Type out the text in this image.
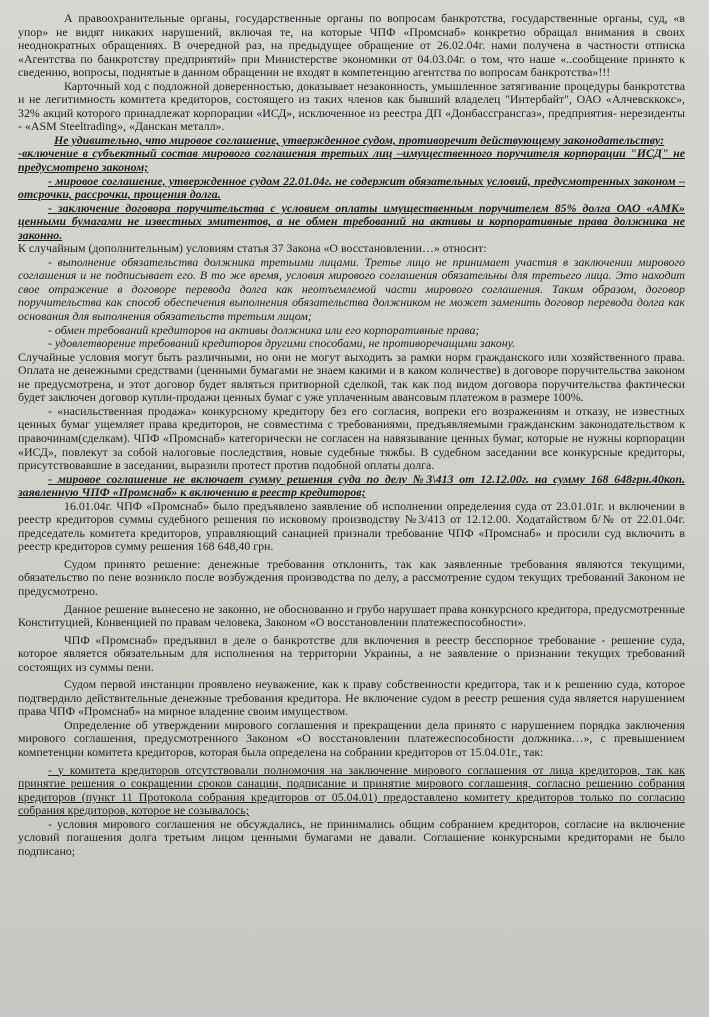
А правоохранительные органы, государственные органы по вопросам банкротства, государственные органы, суд, «в упор» не видят никаких нарушений, включая те, на которые ЧПФ «Промснаб» конкретно обращал внимания в своих неоднократных обращениях. В очередной раз, на предыдущее обращение от 26.02.04г. нами получена в частности отписка «Агентства по банкротству предприятий» при Министерстве экономики от 04.03.04г. о том, что наше «..сообщение принято к сведению, вопросы, поднятые в данном обращении не входят в компетенцию агентства по вопросам банкротства»!!!

Карточный ход с подложной доверенностью, доказывает незаконность, умышленное затягивание процедуры банкротства и не легитимность комитета кредиторов, состоящего из таких членов как бывший владелец "Интербайт", ОАО «Алчевсккокс», 32% акций которого принадлежат корпорации «ИСД», исключенное из реестра ДП «Донбассгрансгаз», предприятия- нерезиденты - «ASM Steeltrading», «Данскан металл».

Не удивительно, что мировое соглашение, утвержденное судом, противоречит действующему законодательству:

-включение в субъектный состав мирового соглашения третьих лиц –имущественного поручителя корпорации "ИСД" не предусмотрено законом;

- мировое соглашение, утвержденное судом 22.01.04г. не содержит обязательных условий, предусмотренных законом – отсрочки, рассрочки, прощения долга.

- заключение договора поручительства с условием оплаты имущественным поручителем 85% долга ОАО «АМК» ценными бумагами не известных эмитентов, а не обмен требований на активы и корпоративные права должника не законно.

К случайным (дополнительным) условиям статья 37 Закона «О восстановлении…» относит:

- выполнение обязательства должника третьими лицами. Третье лицо не принимает участия в заключении мирового соглашения и не подписывает его. В то же время, условия мирового соглашения обязательны для третьего лица. Это находит свое отражение в договоре перевода долга как неотъемлемой части мирового соглашения. Таким образом, договор поручительства как способ обеспечения выполнения обязательства должником не может заменить договор перевода долга как основания для выполнения обязательств третьим лицом;

- обмен требований кредиторов на активы должника или его корпоративные права;

- удовлетворение требований кредиторов другими способами, не противоречащими закону.

Случайные условия могут быть различными, но они не могут выходить за рамки норм гражданского или хозяйственного права. Оплата не денежными средствами (ценными бумагами не знаем какими и в каком количестве) в договоре поручительства законом не предусмотрена, и этот договор будет являться притворной сделкой, так как под видом договора поручительства фактически будет заключен договор купли-продажи ценных бумаг с уже уплаченным авансовым платежом в размере 100%.

- «насильственная продажа» конкурсному кредитору без его согласия, вопреки его возражениям и отказу, не известных ценных бумаг ущемляет права кредиторов, не совместима с требованиями, предъявляемыми гражданским законодательством к правочинам(сделкам). ЧПФ «Промснаб» категорически не согласен на навязывание ценных бумаг, которые не нужны корпорации «ИСД», повлекут за собой налоговые последствия, новые судебные тяжбы. В судебном заседании все конкурсные кредиторы, присутствовавшие в заседании, выразили протест против подобной оплаты долга.

- мировое соглашение не включает сумму решения суда по делу №3\413 от 12.12.00г. на сумму 168 648грн.40коп. заявленную ЧПФ «Промснаб» к включению в реестр кредиторов;

16.01.04г. ЧПФ «Промснаб» было предъявлено заявление об исполнении определения суда от 23.01.01г. и включении в реестр кредиторов суммы судебного решения по исковому производству №3/413 от 12.12.00. Ходатайством б/№ от 22.01.04г. председатель комитета кредиторов, управляющий санацией признали требование ЧПФ «Промснаб» и просили суд включить в реестр кредиторов сумму решения 168 648,40 грн.

Судом принято решение: денежные требования отклонить, так как заявленные требования являются текущими, обязательство по пене возникло после возбуждения производства по делу, а рассмотрение судом текущих требований Законом не предусмотрено.

Данное решение вынесено не законно, не обоснованно и грубо нарушает права конкурсного кредитора, предусмотренные Конституцией, Конвенцией по правам человека, Законом «О восстановлении платежеспособности».

ЧПФ «Промснаб» предъявил в деле о банкротстве для включения в реестр бесспорное требование - решение суда, которое является обязательным для исполнения на территории Украины, а не заявление о признании текущих требований состоящих из суммы пени.

Судом первой инстанции проявлено неуважение, как к праву собственности кредитора, так и к решению суда, которое подтвердило действительные денежные требования кредитора. Не включение судом в реестр решения суда является нарушением права ЧПФ «Промснаб» на мирное владение своим имуществом.

Определение об утверждении мирового соглашения и прекращении дела принято с нарушением порядка заключения мирового соглашения, предусмотренного Законом «О восстановлении платежеспособности должника…», с превышением компетенции комитета кредиторов, которая была определена на собрании кредиторов от 15.04.01г., так:

- у комитета кредиторов отсутствовали полномочия на заключение мирового соглашения от лица кредиторов, так как принятие решения о сокращении сроков санации, подписание и принятие мирового соглашения, согласно решению собрания кредиторов (пункт 11 Протокола собрания кредиторов от 05.04.01) предоставлено комитету кредиторов только по согласию собрания кредиторов, которое не созывалось;

- условия мирового соглашения не обсуждались, не принимались общим собранием кредиторов, согласие на включение условий погашения долга третьим лицом ценными бумагами не давали. Соглашение конкурсными кредиторами не было подписано;
